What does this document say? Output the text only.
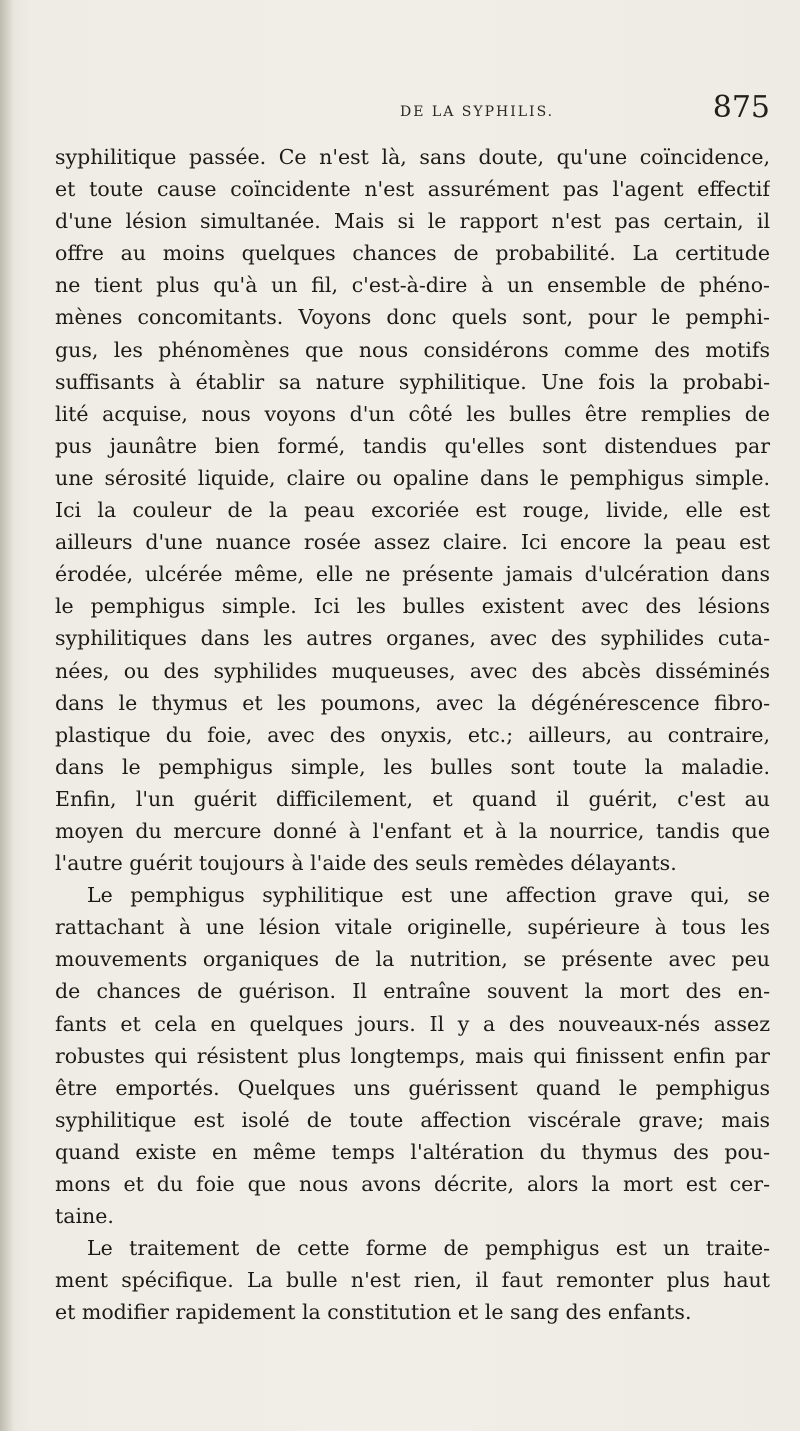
DE LA SYPHILIS.	875
syphilitique passée. Ce n'est là, sans doute, qu'une coïncidence,
et toute cause coïncidente n'est assurément pas l'agent effectif
d'une lésion simultanée. Mais si le rapport n'est pas certain, il
offre au moins quelques chances de probabilité. La certitude
ne tient plus qu'à un fil, c'est-à-dire à un ensemble de phéno-
mènes concomitants. Voyons donc quels sont, pour le pemphi-
gus, les phénomènes que nous considérons comme des motifs
suffisants à établir sa nature syphilitique. Une fois la probabi-
lité acquise, nous voyons d'un côté les bulles être remplies de
pus jaunâtre bien formé, tandis qu'elles sont distendues par
une sérosité liquide, claire ou opaline dans le pemphigus simple.
Ici la couleur de la peau excoriée est rouge, livide, elle est
ailleurs d'une nuance rosée assez claire. Ici encore la peau est
érodée, ulcérée même, elle ne présente jamais d'ulcération dans
le pemphigus simple. Ici les bulles existent avec des lésions
syphilitiques dans les autres organes, avec des syphilides cuta-
nées, ou des syphilides muqueuses, avec des abcès disséminés
dans le thymus et les poumons, avec la dégénérescence fibro-
plastique du foie, avec des onyxis, etc.; ailleurs, au contraire,
dans le pemphigus simple, les bulles sont toute la maladie.
Enfin, l'un guérit difficilement, et quand il guérit, c'est au
moyen du mercure donné à l'enfant et à la nourrice, tandis que
l'autre guérit toujours à l'aide des seuls remèdes délayants.
Le pemphigus syphilitique est une affection grave qui, se
rattachant à une lésion vitale originelle, supérieure à tous les
mouvements organiques de la nutrition, se présente avec peu
de chances de guérison. Il entraîne souvent la mort des en-
fants et cela en quelques jours. Il y a des nouveaux-nés assez
robustes qui résistent plus longtemps, mais qui finissent enfin par
être emportés. Quelques uns guérissent quand le pemphigus
syphilitique est isolé de toute affection viscérale grave; mais
quand existe en même temps l'altération du thymus des pou-
mons et du foie que nous avons décrite, alors la mort est cer-
taine.
Le traitement de cette forme de pemphigus est un traite-
ment spécifique. La bulle n'est rien, il faut remonter plus haut
et modifier rapidement la constitution et le sang des enfants.
